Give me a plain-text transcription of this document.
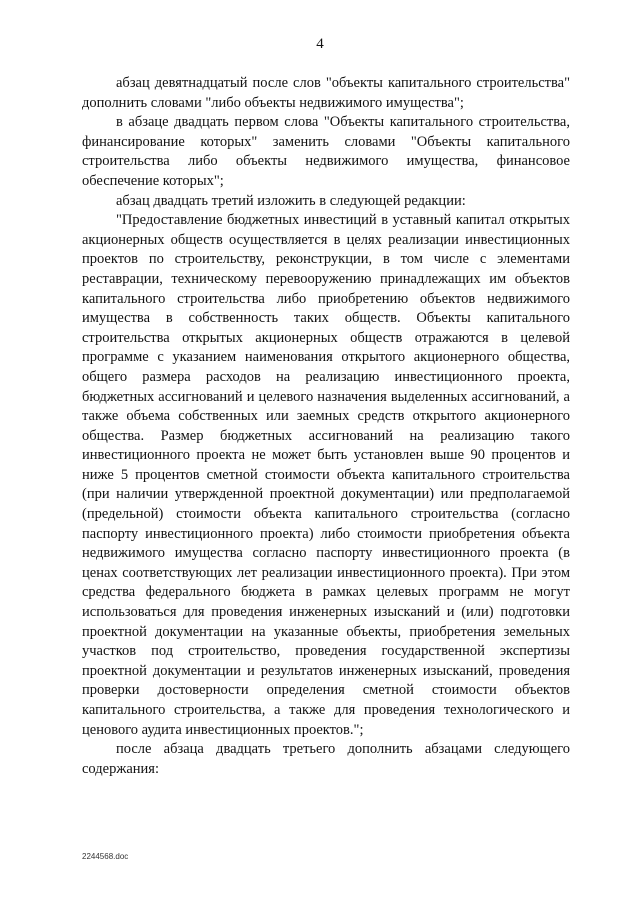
4

абзац девятнадцатый после слов "объекты капитального строительства" дополнить словами "либо объекты недвижимого имущества";

в абзаце двадцать первом слова "Объекты капитального строительства, финансирование которых" заменить словами "Объекты капитального строительства либо объекты недвижимого имущества, финансовое обеспечение которых";

абзац двадцать третий изложить в следующей редакции:

"Предоставление бюджетных инвестиций в уставный капитал открытых акционерных обществ осуществляется в целях реализации инвестиционных проектов по строительству, реконструкции, в том числе с элементами реставрации, техническому перевооружению принадлежащих им объектов капитального строительства либо приобретению объектов недвижимого имущества в собственность таких обществ. Объекты капитального строительства открытых акционерных обществ отражаются в целевой программе с указанием наименования открытого акционерного общества, общего размера расходов на реализацию инвестиционного проекта, бюджетных ассигнований и целевого назначения выделенных ассигнований, а также объема собственных или заемных средств открытого акционерного общества. Размер бюджетных ассигнований на реализацию такого инвестиционного проекта не может быть установлен выше 90 процентов и ниже 5 процентов сметной стоимости объекта капитального строительства (при наличии утвержденной проектной документации) или предполагаемой (предельной) стоимости объекта капитального строительства (согласно паспорту инвестиционного проекта) либо стоимости приобретения объекта недвижимого имущества согласно паспорту инвестиционного проекта (в ценах соответствующих лет реализации инвестиционного проекта). При этом средства федерального бюджета в рамках целевых программ не могут использоваться для проведения инженерных изысканий и (или) подготовки проектной документации на указанные объекты, приобретения земельных участков под строительство, проведения государственной экспертизы проектной документации и результатов инженерных изысканий, проведения проверки достоверности определения сметной стоимости объектов капитального строительства, а также для проведения технологического и ценового аудита инвестиционных проектов.";

после абзаца двадцать третьего дополнить абзацами следующего содержания:

2244568.doc
